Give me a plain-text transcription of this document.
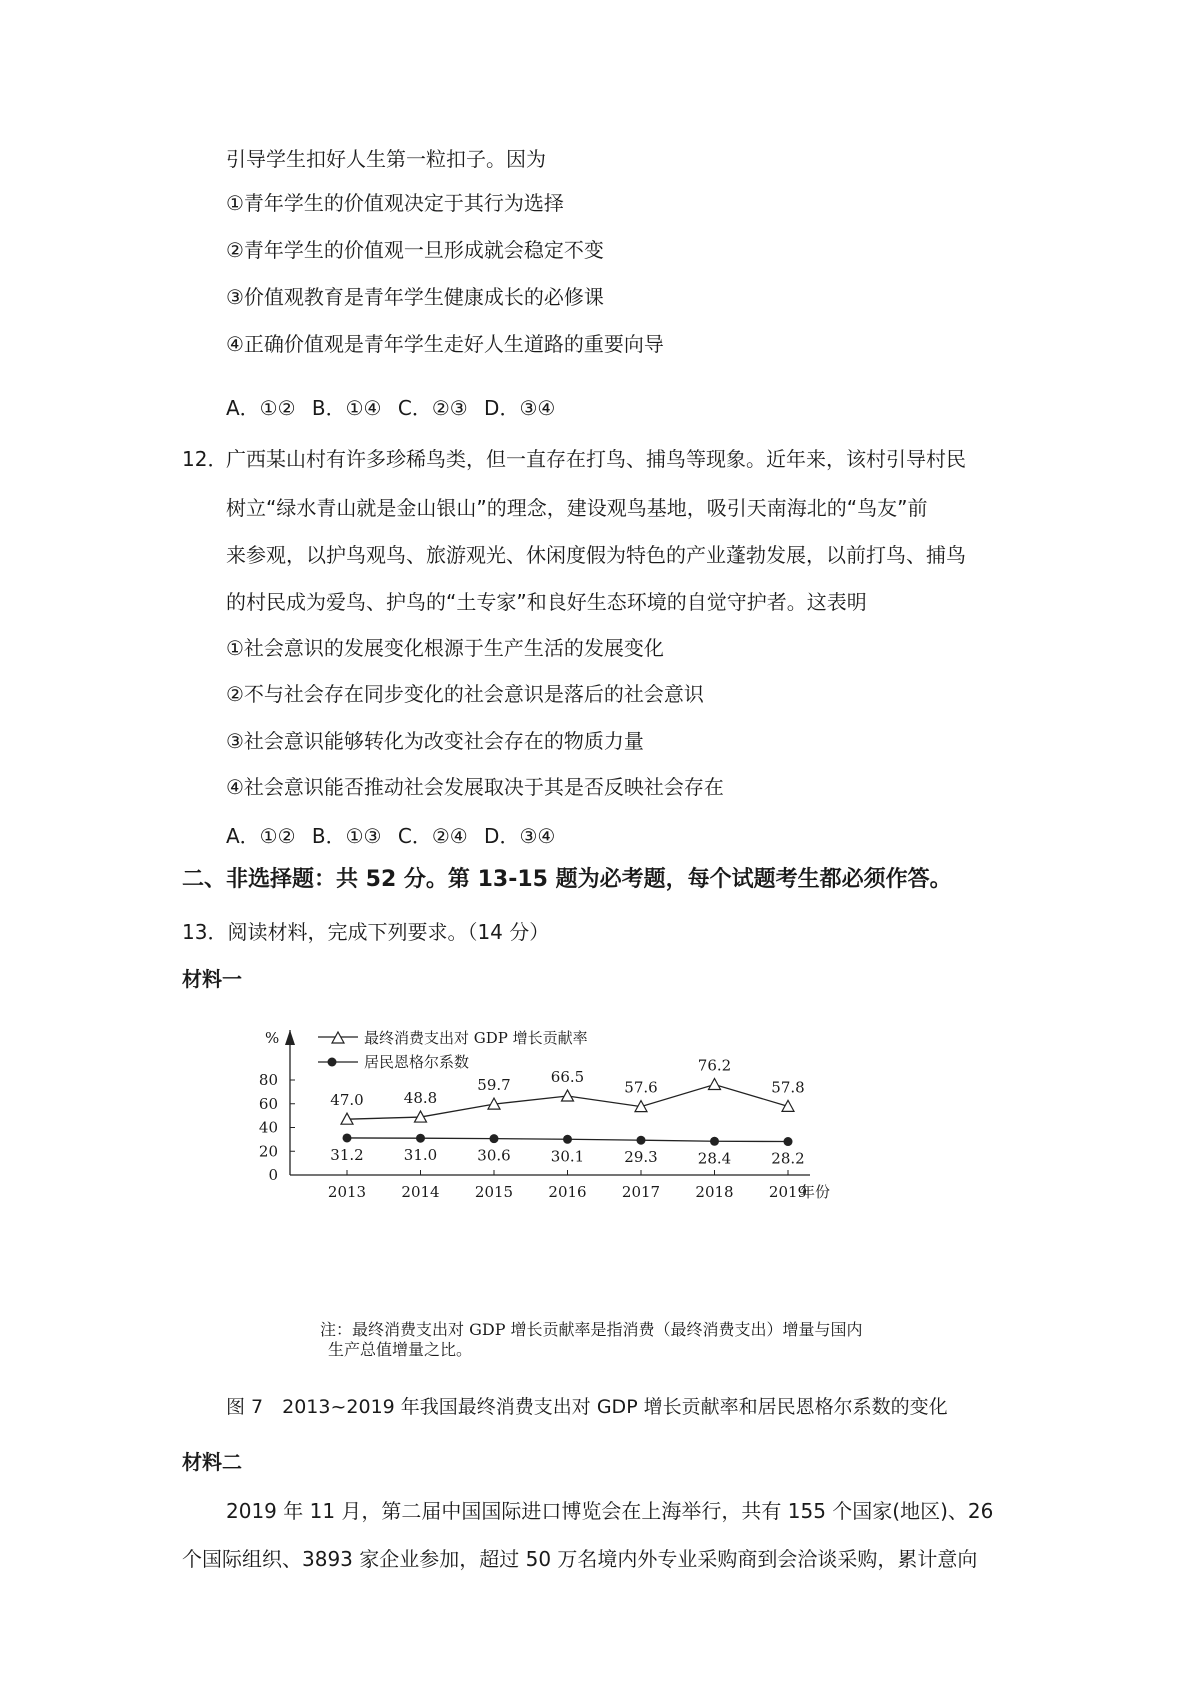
引导学生扣好人生第一粒扣子。因为
①青年学生的价值观决定于其行为选择
②青年学生的价值观一旦形成就会稳定不变
③价值观教育是青年学生健康成长的必修课
④正确价值观是青年学生走好人生道路的重要向导
A．①② B．①④ C．②③ D．③④
12．
广西某山村有许多珍稀鸟类，但一直存在打鸟、捕鸟等现象。近年来，该村引导村民
树立“绿水青山就是金山银山”的理念，建设观鸟基地，吸引天南海北的“鸟友”前
来参观，以护鸟观鸟、旅游观光、休闲度假为特色的产业蓬勃发展，以前打鸟、捕鸟
的村民成为爱鸟、护鸟的“土专家”和良好生态环境的自觉守护者。这表明
①社会意识的发展变化根源于生产生活的发展变化
②不与社会存在同步变化的社会意识是落后的社会意识
③社会意识能够转化为改变社会存在的物质力量
④社会意识能否推动社会发展取决于其是否反映社会存在
A．①② B．①③ C．②④ D．③④
二、非选择题：共 52 分。第 13-15 题为必考题，每个试题考生都必须作答。
13．阅读材料，完成下列要求。（14 分）
材料一
%
0
20
40
60
80
2013 2014 2015 2016 2017 2018 2019
年份
最终消费支出对 GDP 增长贡献率
居民恩格尔系数
47.0	48.8
59.7	66.5
57.6
76.2
57.8
31.2	31.0	30.6	30.1	29.3	28.4	28.2
注：最终消费支出对 GDP 增长贡献率是指消费（最终消费支出）增量与国内
生产总值增量之比。
图 7　2013~2019 年我国最终消费支出对 GDP 增长贡献率和居民恩格尔系数的变化
材料二
2019 年 11 月，第二届中国国际进口博览会在上海举行，共有 155 个国家(地区)、26
个国际组织、3893 家企业参加，超过 50 万名境内外专业采购商到会洽谈采购，累计意向
